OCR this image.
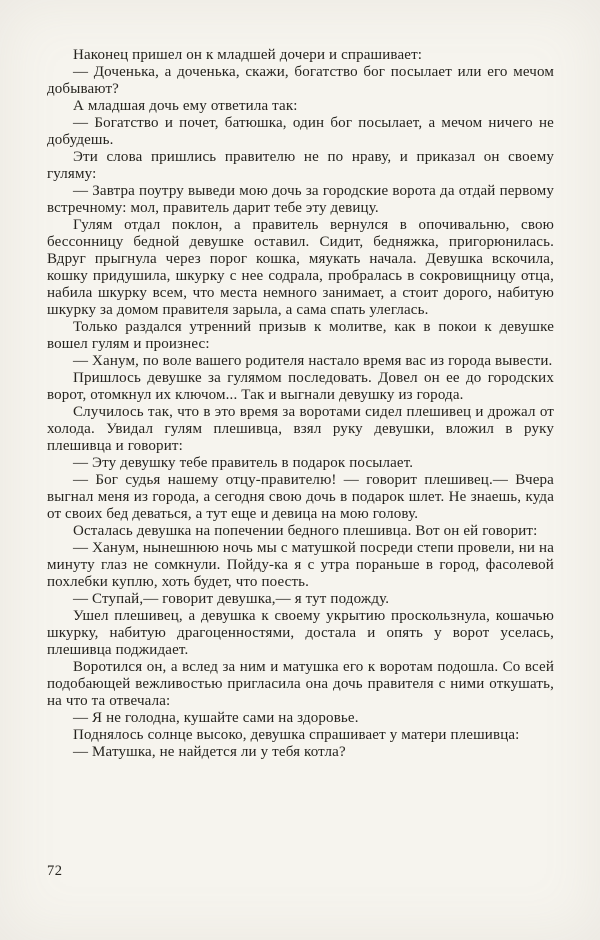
Наконец пришел он к младшей дочери и спрашивает:

— Доченька, а доченька, скажи, богатство бог посылает или его мечом добывают?

А младшая дочь ему ответила так:

— Богатство и почет, батюшка, один бог посылает, а мечом ничего не добудешь.

Эти слова пришлись правителю не по нраву, и приказал он своему гуляму:

— Завтра поутру выведи мою дочь за городские ворота да отдай первому встречному: мол, правитель дарит тебе эту девицу.

Гулям отдал поклон, а правитель вернулся в опочивальню, свою бессонницу бедной девушке оставил. Сидит, бедняжка, пригорюнилась. Вдруг прыгнула через порог кошка, мяукать начала. Девушка вскочила, кошку придушила, шкурку с нее содрала, пробралась в сокровищницу отца, набила шкурку всем, что места немного занимает, а стоит дорого, набитую шкурку за домом правителя зарыла, а сама спать улеглась.

Только раздался утренний призыв к молитве, как в покои к девушке вошел гулям и произнес:

— Ханум, по воле вашего родителя настало время вас из города вывести.

Пришлось девушке за гулямом последовать. Довел он ее до городских ворот, отомкнул их ключом... Так и выгнали девушку из города.

Случилось так, что в это время за воротами сидел плешивец и дрожал от холода. Увидал гулям плешивца, взял руку девушки, вложил в руку плешивца и говорит:

— Эту девушку тебе правитель в подарок посылает.

— Бог судья нашему отцу-правителю! — говорит плешивец.— Вчера выгнал меня из города, а сегодня свою дочь в подарок шлет. Не знаешь, куда от своих бед деваться, а тут еще и девица на мою голову.

Осталась девушка на попечении бедного плешивца. Вот он ей говорит:

— Ханум, нынешнюю ночь мы с матушкой посреди степи провели, ни на минуту глаз не сомкнули. Пойду-ка я с утра пораньше в город, фасолевой похлебки куплю, хоть будет, что поесть.

— Ступай,— говорит девушка,— я тут подожду.

Ушел плешивец, а девушка к своему укрытию проскользнула, кошачью шкурку, набитую драгоценностями, достала и опять у ворот уселась, плешивца поджидает.

Воротился он, а вслед за ним и матушка его к воротам подошла. Со всей подобающей вежливостью пригласила она дочь правителя с ними откушать, на что та отвечала:

— Я не голодна, кушайте сами на здоровье.

Поднялось солнце высоко, девушка спрашивает у матери плешивца:

— Матушка, не найдется ли у тебя котла?

72
